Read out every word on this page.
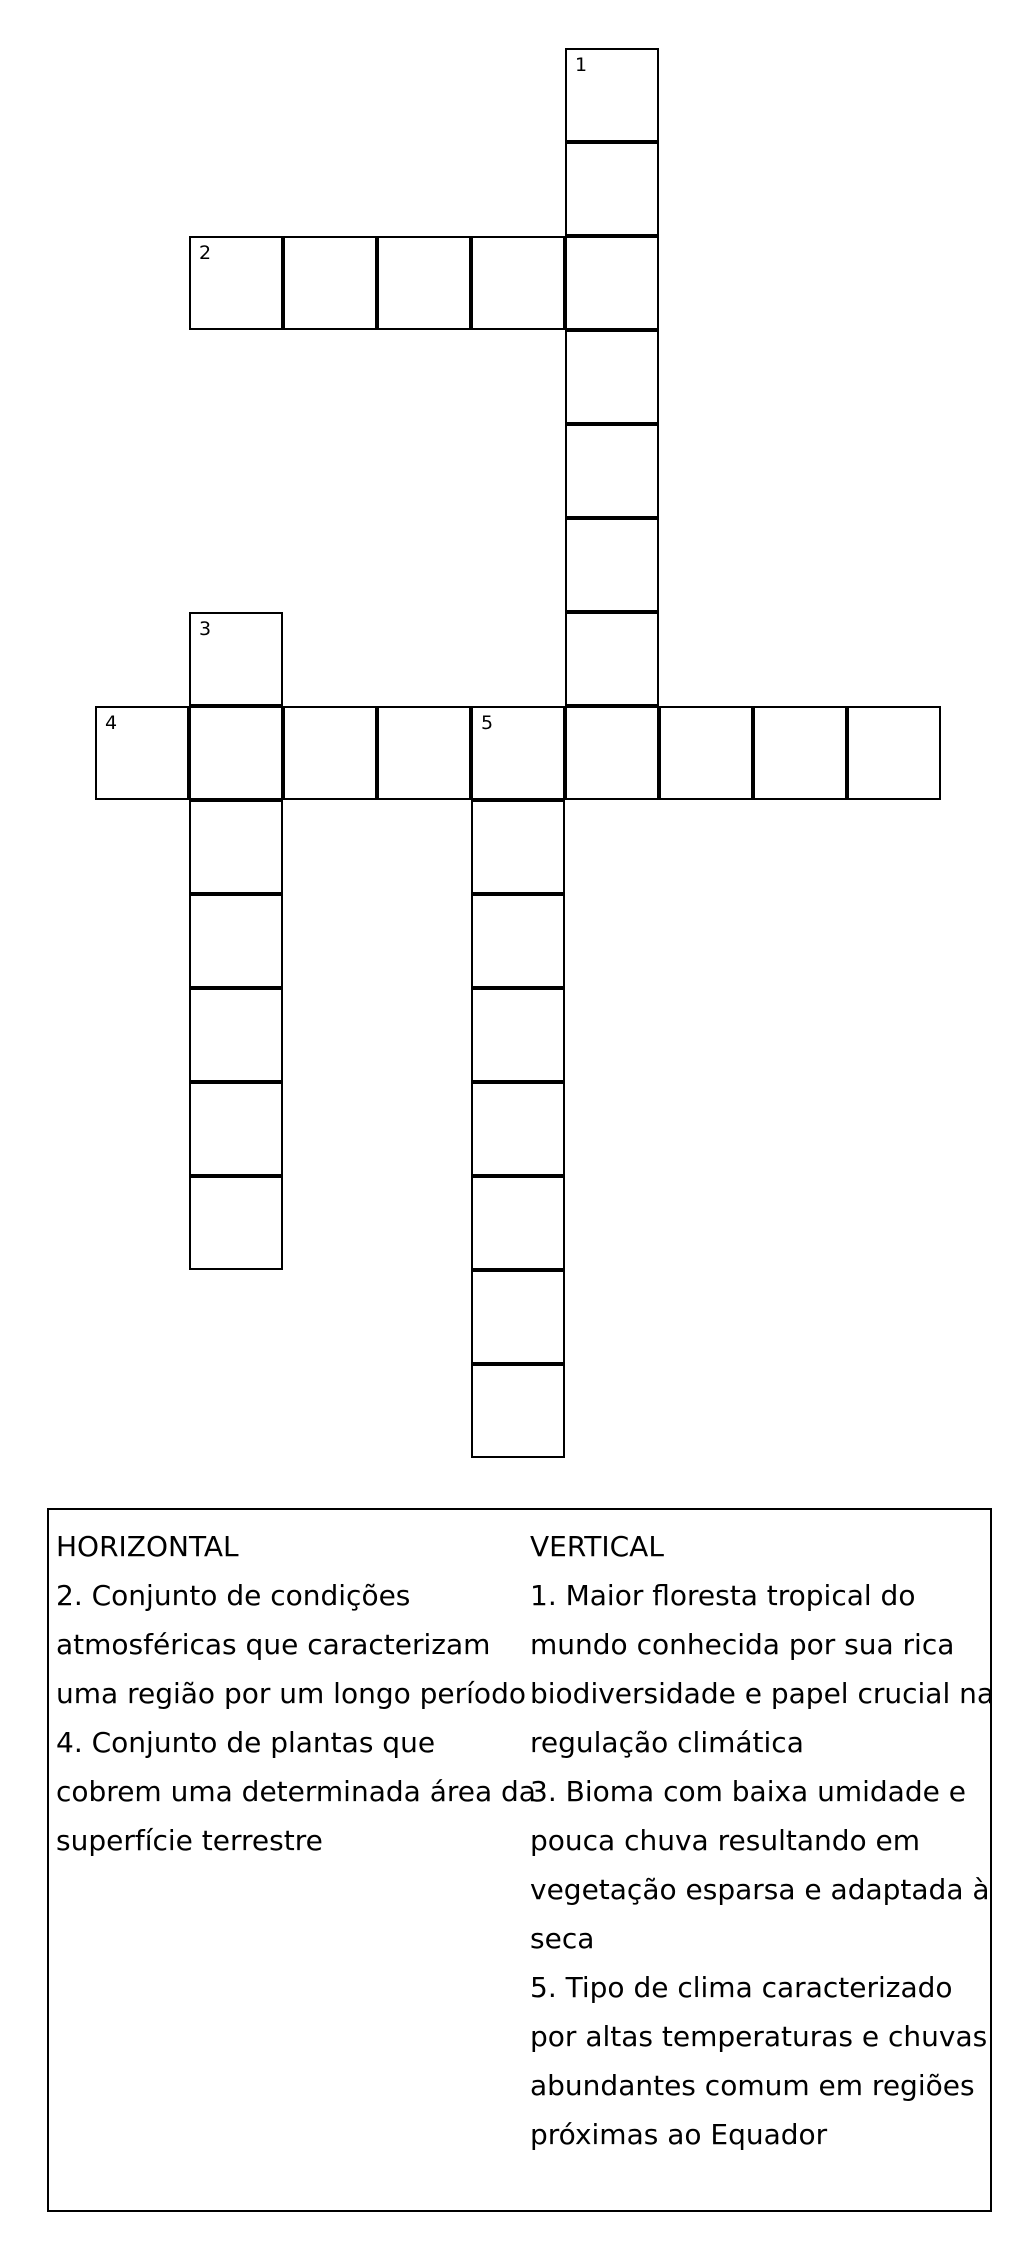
2
4	5
1
3
HORIZONTAL
2. Conjunto de condições
atmosféricas que caracterizam
uma região por um longo período
4. Conjunto de plantas que
cobrem uma determinada área da
superfície terrestre
VERTICAL
1. Maior floresta tropical do
mundo conhecida por sua rica
biodiversidade e papel crucial na
regulação climática
3. Bioma com baixa umidade e
pouca chuva resultando em
vegetação esparsa e adaptada à
seca
5. Tipo de clima caracterizado
por altas temperaturas e chuvas
abundantes comum em regiões
próximas ao Equador
